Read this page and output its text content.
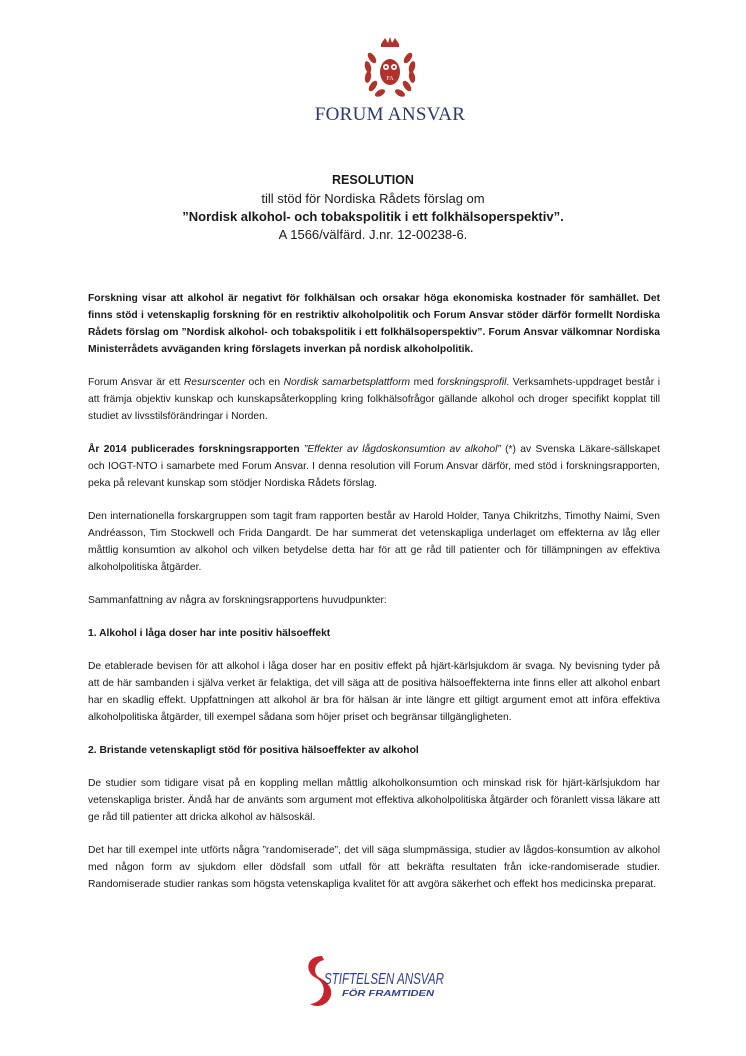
FA
FORUM ANSVAR

RESOLUTION

till stöd för Nordiska Rådets förslag om

”Nordisk alkohol- och tobakspolitik i ett folkhälsoperspektiv”.

A 1566/välfärd. J.nr. 12-00238-6.

Forskning visar att alkohol är negativt för folkhälsan och orsakar höga ekonomiska kostnader för samhället. Det finns stöd i vetenskaplig forskning för en restriktiv alkoholpolitik och Forum Ansvar stöder därför formellt Nordiska Rådets förslag om ”Nordisk alkohol- och tobakspolitik i ett folkhälsoperspektiv”. Forum Ansvar välkomnar Nordiska Ministerrådets avväganden kring förslagets inverkan på nordisk alkoholpolitik.

Forum Ansvar är ett Resurscenter och en Nordisk samarbetsplattform med forskningsprofil. Verksamhets-uppdraget består i att främja objektiv kunskap och kunskapsåterkoppling kring folkhälsofrågor gällande alkohol och droger specifikt kopplat till studiet av livsstilsförändringar i Norden.

År 2014 publicerades forskningsrapporten ”Effekter av lågdoskonsumtion av alkohol” (*) av Svenska Läkare-sällskapet och IOGT-NTO i samarbete med Forum Ansvar. I denna resolution vill Forum Ansvar därför, med stöd i forskningsrapporten, peka på relevant kunskap som stödjer Nordiska Rådets förslag.

Den internationella forskargruppen som tagit fram rapporten består av Harold Holder, Tanya Chikritzhs, Timothy Naimi, Sven Andréasson, Tim Stockwell och Frida Dangardt. De har summerat det vetenskapliga underlaget om effekterna av låg eller måttlig konsumtion av alkohol och vilken betydelse detta har för att ge råd till patienter och för tillämpningen av effektiva alkoholpolitiska åtgärder.

Sammanfattning av några av forskningsrapportens huvudpunkter:

1. Alkohol i låga doser har inte positiv hälsoeffekt

De etablerade bevisen för att alkohol i låga doser har en positiv effekt på hjärt-kärlsjukdom är svaga. Ny bevisning tyder på att de här sambanden i själva verket är felaktiga, det vill säga att de positiva hälsoeffekterna inte finns eller att alkohol enbart har en skadlig effekt. Uppfattningen att alkohol är bra för hälsan är inte längre ett giltigt argument emot att införa effektiva alkoholpolitiska åtgärder, till exempel sådana som höjer priset och begränsar tillgängligheten.

2. Bristande vetenskapligt stöd för positiva hälsoeffekter av alkohol

De studier som tidigare visat på en koppling mellan måttlig alkoholkonsumtion och minskad risk för hjärt-kärlsjukdom har vetenskapliga brister. Ändå har de använts som argument mot effektiva alkoholpolitiska åtgärder och föranlett vissa läkare att ge råd till patienter att dricka alkohol av hälsoskäl.

Det har till exempel inte utförts några ”randomiserade”, det vill säga slumpmässiga, studier av lågdos-konsumtion av alkohol med någon form av sjukdom eller dödsfall som utfall för att bekräfta resultaten från icke-randomiserade studier. Randomiserade studier rankas som högsta vetenskapliga kvalitet för att avgöra säkerhet och effekt hos medicinska preparat.

STIFTELSEN ANSVAR
FÖR FRAMTIDEN
